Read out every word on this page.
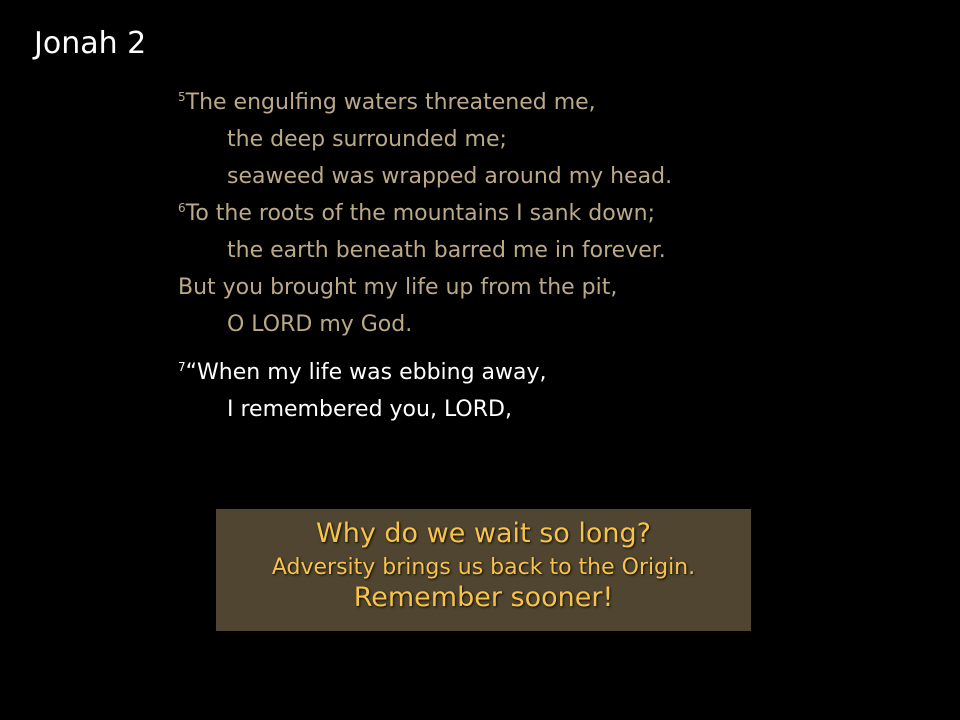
Jonah 2
$^5$The engulfing waters threatened me,
the deep surrounded me;
seaweed was wrapped around my head.
$^6$To the roots of the mountains I sank down;
the earth beneath barred me in forever.
But you brought my life up from the pit,
O LORD my God.
$^7$“When my life was ebbing away,
I remembered you, LORD,
Why do we wait so long?
Adversity brings us back to the Origin.
Remember sooner!
